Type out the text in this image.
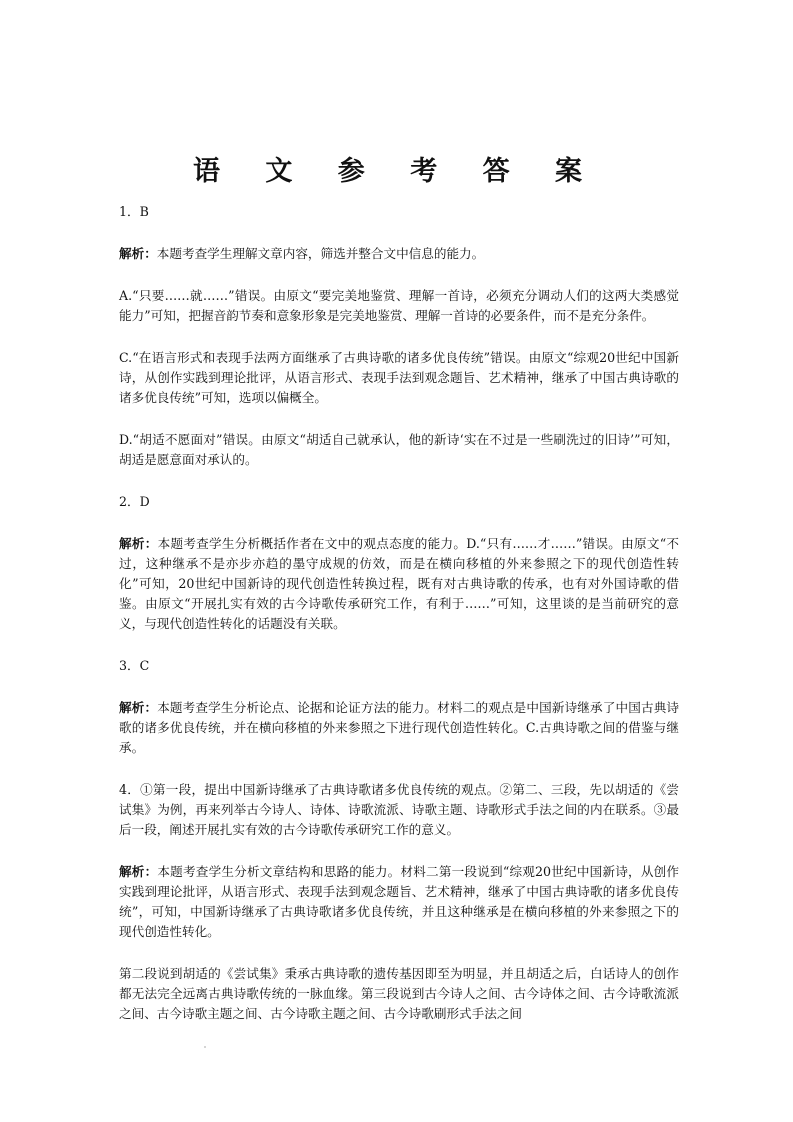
语 文 参 考 答 案

1．B

解析：本题考查学生理解文章内容，筛选并整合文中信息的能力。

A.“只要……就……”错误。由原文“要完美地鉴赏、理解一首诗，必须充分调动人们的这两大类感觉能力”可知，把握音韵节奏和意象形象是完美地鉴赏、理解一首诗的必要条件，而不是充分条件。

C.“在语言形式和表现手法两方面继承了古典诗歌的诸多优良传统”错误。由原文“综观20世纪中国新诗，从创作实践到理论批评，从语言形式、表现手法到观念题旨、艺术精神，继承了中国古典诗歌的诸多优良传统”可知，选项以偏概全。

D.“胡适不愿面对”错误。由原文“胡适自己就承认，他的新诗‘实在不过是一些刷洗过的旧诗’”可知，胡适是愿意面对承认的。

2．D

解析：本题考查学生分析概括作者在文中的观点态度的能力。D.“只有……才……”错误。由原文“不过，这种继承不是亦步亦趋的墨守成规的仿效，而是在横向移植的外来参照之下的现代创造性转化”可知，20世纪中国新诗的现代创造性转换过程，既有对古典诗歌的传承，也有对外国诗歌的借鉴。由原文“开展扎实有效的古今诗歌传承研究工作，有利于……”可知，这里谈的是当前研究的意义，与现代创造性转化的话题没有关联。

3．C

解析：本题考查学生分析论点、论据和论证方法的能力。材料二的观点是中国新诗继承了中国古典诗歌的诸多优良传统，并在横向移植的外来参照之下进行现代创造性转化。C.古典诗歌之间的借鉴与继承。

4．①第一段，提出中国新诗继承了古典诗歌诸多优良传统的观点。②第二、三段，先以胡适的《尝试集》为例，再来列举古今诗人、诗体、诗歌流派、诗歌主题、诗歌形式手法之间的内在联系。③最后一段，阐述开展扎实有效的古今诗歌传承研究工作的意义。

解析：本题考查学生分析文章结构和思路的能力。材料二第一段说到“综观20世纪中国新诗，从创作实践到理论批评，从语言形式、表现手法到观念题旨、艺术精神，继承了中国古典诗歌的诸多优良传统”，可知，中国新诗继承了古典诗歌诸多优良传统，并且这种继承是在横向移植的外来参照之下的现代创造性转化。

第二段说到胡适的《尝试集》秉承古典诗歌的遗传基因即至为明显，并且胡适之后，白话诗人的创作都无法完全远离古典诗歌传统的一脉血缘。第三段说到古今诗人之间、古今诗体之间、古今诗歌流派之间、古今诗歌主题之间、古今诗歌主题之间、古今诗歌刷形式手法之间
